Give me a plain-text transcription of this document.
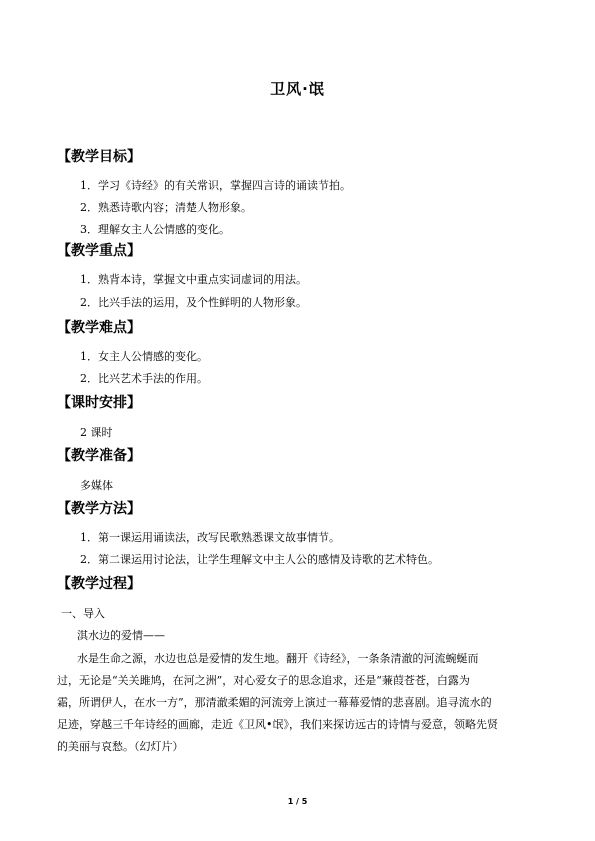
卫风·氓
【教学目标】
1．学习《诗经》的有关常识，掌握四言诗的诵读节拍。
2．熟悉诗歌内容；清楚人物形象。
3．理解女主人公情感的变化。
【教学重点】
1．熟背本诗，掌握文中重点实词虚词的用法。
2．比兴手法的运用，及个性鲜明的人物形象。
【教学难点】
1．女主人公情感的变化。
2．比兴艺术手法的作用。
【课时安排】
2 课时
【教学准备】
多媒体
【教学方法】
1．第一课运用诵读法，改写民歌熟悉课文故事情节。
2．第二课运用讨论法，让学生理解文中主人公的感情及诗歌的艺术特色。
【教学过程】
一、导入
淇水边的爱情——
水是生命之源，水边也总是爱情的发生地。翻开《诗经》，一条条清澈的河流蜿蜒而
过，无论是“关关雎鸠，在河之洲”，对心爱女子的思念追求，还是“蒹葭苍苍，白露为
霜，所谓伊人，在水一方”，那清澈柔媚的河流旁上演过一幕幕爱情的悲喜剧。追寻流水的
足迹，穿越三千年诗经的画廊，走近《卫风•氓》，我们来探访远古的诗情与爱意，领略先贤
的美丽与哀愁。（幻灯片）
1 / 5
